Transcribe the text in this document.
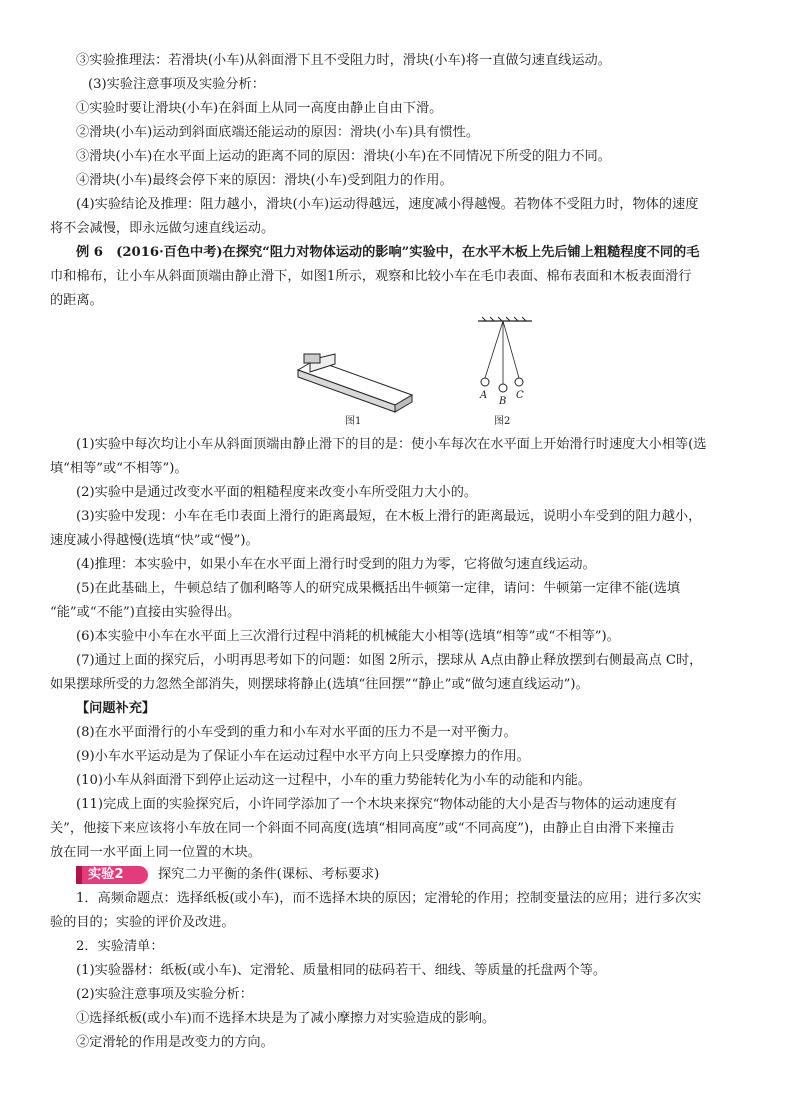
③实验推理法：若滑块(小车)从斜面滑下且不受阻力时，滑块(小车)将一直做匀速直线运动。
(3)实验注意事项及实验分析：
①实验时要让滑块(小车)在斜面上从同一高度由静止自由下滑。
②滑块(小车)运动到斜面底端还能运动的原因：滑块(小车)具有惯性。
③滑块(小车)在水平面上运动的距离不同的原因：滑块(小车)在不同情况下所受的阻力不同。
④滑块(小车)最终会停下来的原因：滑块(小车)受到阻力的作用。
(4)实验结论及推理：阻力越小，滑块(小车)运动得越远，速度减小得越慢。若物体不受阻力时，物体的速度
将不会减慢，即永远做匀速直线运动。
例 6　(2016·百色中考)在探究“阻力对物体运动的影响”实验中，在水平木板上先后铺上粗糙程度不同的毛
巾和棉布，让小车从斜面顶端由静止滑下，如图1所示，观察和比较小车在毛巾表面、棉布表面和木板表面滑行
的距离。
图1
A
B
C
图2
(1)实验中每次均让小车从斜面顶端由静止滑下的目的是：使小车每次在水平面上开始滑行时速度大小相等(选
填“相等”或“不相等”)。
(2)实验中是通过改变水平面的粗糙程度来改变小车所受阻力大小的。
(3)实验中发现：小车在毛巾表面上滑行的距离最短，在木板上滑行的距离最远，说明小车受到的阻力越小，
速度减小得越慢(选填“快”或“慢”)。
(4)推理：本实验中，如果小车在水平面上滑行时受到的阻力为零，它将做匀速直线运动。
(5)在此基础上，牛顿总结了伽利略等人的研究成果概括出牛顿第一定律，请问：牛顿第一定律不能(选填
“能”或“不能”)直接由实验得出。
(6)本实验中小车在水平面上三次滑行过程中消耗的机械能大小相等(选填“相等”或“不相等”)。
(7)通过上面的探究后，小明再思考如下的问题：如图 2所示，摆球从 A点由静止释放摆到右侧最高点 C时，
如果摆球所受的力忽然全部消失，则摆球将静止(选填“往回摆”“静止”或“做匀速直线运动”)。
【问题补充】
(8)在水平面滑行的小车受到的重力和小车对水平面的压力不是一对平衡力。
(9)小车水平运动是为了保证小车在运动过程中水平方向上只受摩擦力的作用。
(10)小车从斜面滑下到停止运动这一过程中，小车的重力势能转化为小车的动能和内能。
(11)完成上面的实验探究后，小许同学添加了一个木块来探究“物体动能的大小是否与物体的运动速度有
关”，他接下来应该将小车放在同一个斜面不同高度(选填“相同高度”或“不同高度”)，由静止自由滑下来撞击
放在同一水平面上同一位置的木块。
实验2	探究二力平衡的条件(课标、考标要求)
1．高频命题点：选择纸板(或小车)，而不选择木块的原因；定滑轮的作用；控制变量法的应用；进行多次实
验的目的；实验的评价及改进。
2．实验清单：
(1)实验器材：纸板(或小车)、定滑轮、质量相同的砝码若干、细线、等质量的托盘两个等。
(2)实验注意事项及实验分析：
①选择纸板(或小车)而不选择木块是为了减小摩擦力对实验造成的影响。
②定滑轮的作用是改变力的方向。
